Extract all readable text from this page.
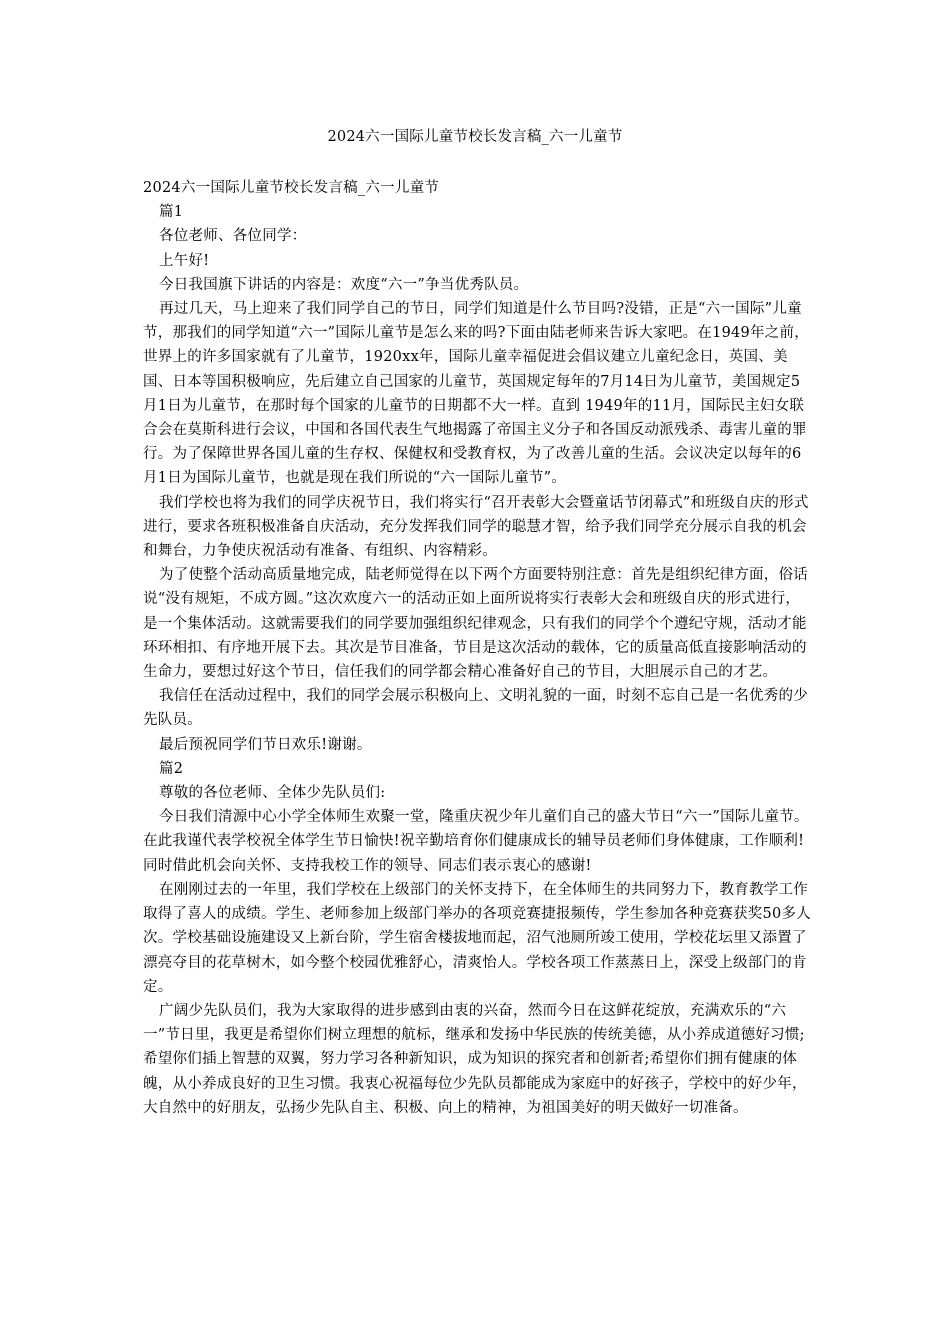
2024六一国际儿童节校长发言稿_六一儿童节

2024六一国际儿童节校长发言稿_六一儿童节

篇1

各位老师、各位同学：

上午好!

今日我国旗下讲话的内容是：欢度“六一”争当优秀队员。

再过几天，马上迎来了我们同学自己的节日，同学们知道是什么节目吗?没错，正是“六一国际”儿童节，那我们的同学知道“六一”国际儿童节是怎么来的吗?下面由陆老师来告诉大家吧。在1949年之前，世界上的许多国家就有了儿童节，1920xx年，国际儿童幸福促进会倡议建立儿童纪念日，英国、美国、日本等国积极响应，先后建立自己国家的儿童节，英国规定每年的7月14日为儿童节，美国规定5月1日为儿童节，在那时每个国家的儿童节的日期都不大一样。直到 1949年的11月，国际民主妇女联合会在莫斯科进行会议，中国和各国代表生气地揭露了帝国主义分子和各国反动派残杀、毒害儿童的罪行。为了保障世界各国儿童的生存权、保健权和受教育权，为了改善儿童的生活。会议决定以每年的6月1日为国际儿童节，也就是现在我们所说的“六一国际儿童节”。

我们学校也将为我们的同学庆祝节日，我们将实行“召开表彰大会暨童话节闭幕式”和班级自庆的形式进行，要求各班积极准备自庆活动，充分发挥我们同学的聪慧才智，给予我们同学充分展示自我的机会和舞台，力争使庆祝活动有准备、有组织、内容精彩。

为了使整个活动高质量地完成，陆老师觉得在以下两个方面要特别注意：首先是组织纪律方面，俗话说“没有规矩，不成方圆。”这次欢度六一的活动正如上面所说将实行表彰大会和班级自庆的形式进行，是一个集体活动。这就需要我们的同学要加强组织纪律观念，只有我们的同学个个遵纪守规，活动才能环环相扣、有序地开展下去。其次是节目准备，节目是这次活动的载体，它的质量高低直接影响活动的生命力，要想过好这个节日，信任我们的同学都会精心准备好自己的节目，大胆展示自己的才艺。

我信任在活动过程中，我们的同学会展示积极向上、文明礼貌的一面，时刻不忘自己是一名优秀的少先队员。

最后预祝同学们节日欢乐!谢谢。

篇2

尊敬的各位老师、全体少先队员们:

今日我们清源中心小学全体师生欢聚一堂，隆重庆祝少年儿童们自己的盛大节日“六一”国际儿童节。在此我谨代表学校祝全体学生节日愉快!祝辛勤培育你们健康成长的辅导员老师们身体健康，工作顺利!同时借此机会向关怀、支持我校工作的领导、同志们表示衷心的感谢!

在刚刚过去的一年里，我们学校在上级部门的关怀支持下，在全体师生的共同努力下，教育教学工作取得了喜人的成绩。学生、老师参加上级部门举办的各项竞赛捷报频传，学生参加各种竞赛获奖50多人次。学校基础设施建设又上新台阶，学生宿舍楼拔地而起，沼气池厕所竣工使用，学校花坛里又添置了漂亮夺目的花草树木，如今整个校园优雅舒心，清爽怡人。学校各项工作蒸蒸日上，深受上级部门的肯定。

广阔少先队员们，我为大家取得的进步感到由衷的兴奋，然而今日在这鲜花绽放，充满欢乐的“六一”节日里，我更是希望你们树立理想的航标，继承和发扬中华民族的传统美德，从小养成道德好习惯;希望你们插上智慧的双翼，努力学习各种新知识，成为知识的探究者和创新者;希望你们拥有健康的体魄，从小养成良好的卫生习惯。我衷心祝福每位少先队员都能成为家庭中的好孩子，学校中的好少年，大自然中的好朋友，弘扬少先队自主、积极、向上的精神，为祖国美好的明天做好一切准备。
